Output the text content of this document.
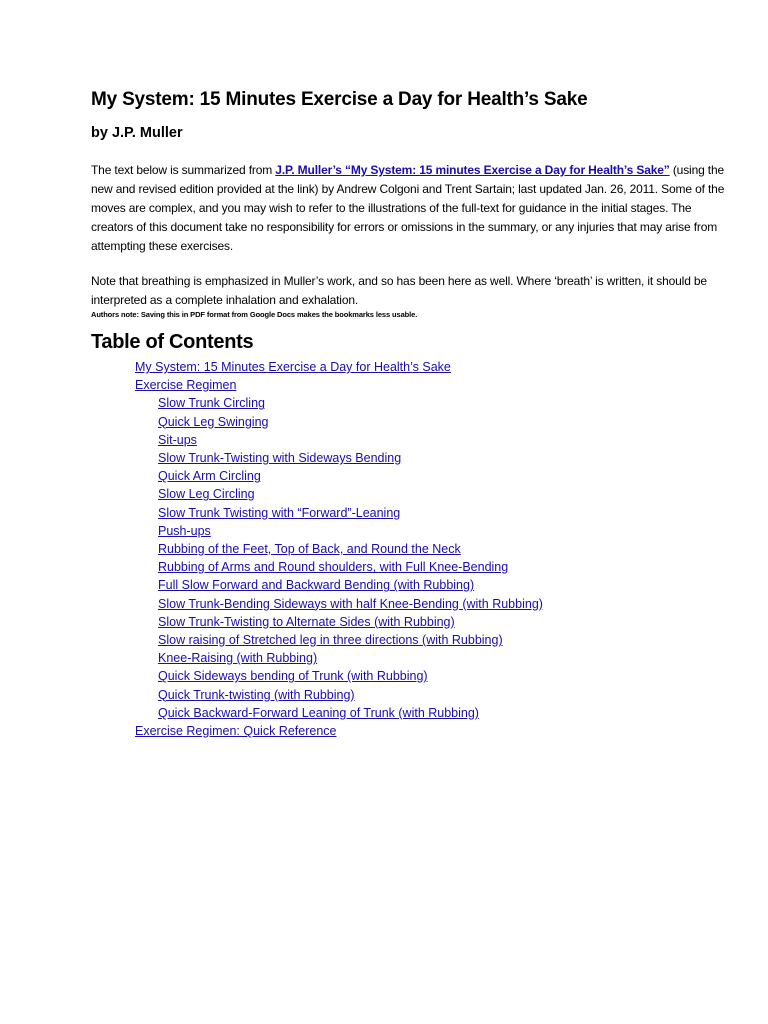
My System: 15 Minutes Exercise a Day for Health’s Sake

by J.P. Muller

The text below is summarized from J.P. Muller’s “My System: 15 minutes Exercise a Day for Health’s Sake” (using the new and revised edition provided at the link) by Andrew Colgoni and Trent Sartain; last updated Jan. 26, 2011. Some of the moves are complex, and you may wish to refer to the illustrations of the full-text for guidance in the initial stages. The creators of this document take no responsibility for errors or omissions in the summary, or any injuries that may arise from attempting these exercises.

Note that breathing is emphasized in Muller’s work, and so has been here as well. Where ‘breath’ is written, it should be interpreted as a complete inhalation and exhalation.

Authors note: Saving this in PDF format from Google Docs makes the bookmarks less usable.

Table of Contents
My System: 15 Minutes Exercise a Day for Health’s Sake
Exercise Regimen
Slow Trunk Circling
Quick Leg Swinging
Sit-ups
Slow Trunk-Twisting with Sideways Bending
Quick Arm Circling
Slow Leg Circling
Slow Trunk Twisting with “Forward”-Leaning
Push-ups
Rubbing of the Feet, Top of Back, and Round the Neck
Rubbing of Arms and Round shoulders, with Full Knee-Bending
Full Slow Forward and Backward Bending (with Rubbing)
Slow Trunk-Bending Sideways with half Knee-Bending (with Rubbing)
Slow Trunk-Twisting to Alternate Sides (with Rubbing)
Slow raising of Stretched leg in three directions (with Rubbing)
Knee-Raising (with Rubbing)
Quick Sideways bending of Trunk (with Rubbing)
Quick Trunk-twisting (with Rubbing)
Quick Backward-Forward Leaning of Trunk (with Rubbing)
Exercise Regimen: Quick Reference
